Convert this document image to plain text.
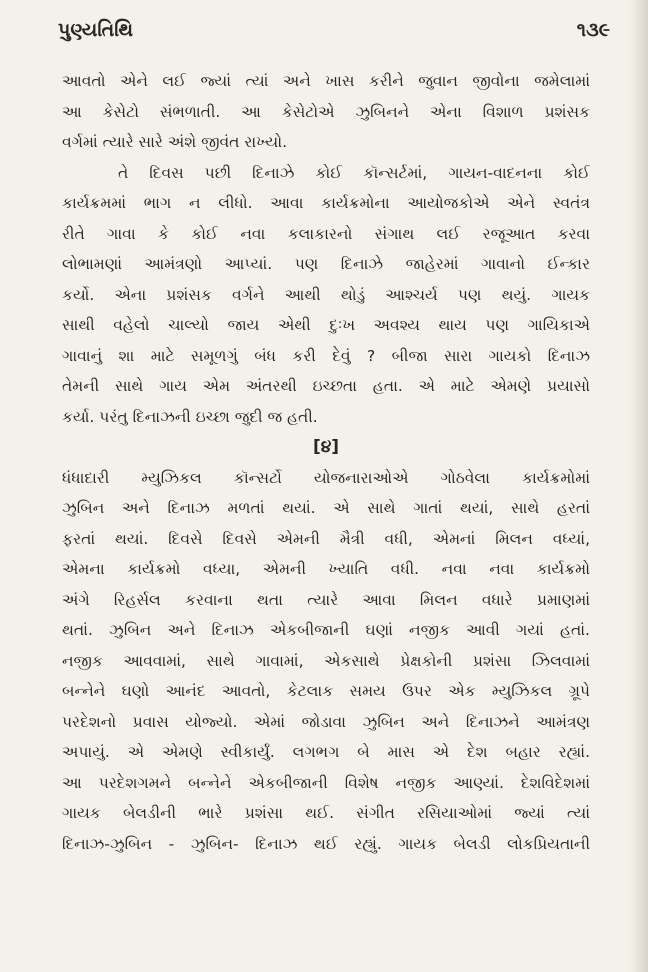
પુણ્યતિથિ	૧૩૯
આવતો એને લઈ જ્યાં ત્યાં અને ખાસ કરીને જુવાન જીવોના જમેલામાં
આ કેસેટો સંભળાતી. આ કેસેટોએ ઝુબિનને એના વિશાળ પ્રશંસક
વર્ગમાં ત્યારે સારે અંશે જીવંત રાખ્યો.
તે દિવસ પછી દિનાઝે કોઈ કૉન્સર્ટમાં, ગાયન-વાદનના કોઈ
કાર્યક્રમમાં ભાગ ન લીધો. આવા કાર્યક્રમોના આયોજકોએ એને સ્વતંત્ર
રીતે ગાવા કે કોઈ નવા કલાકારનો સંગાથ લઈ રજૂઆત કરવા
લોભામણાં આમંત્રણો આપ્યાં. પણ દિનાઝે જાહેરમાં ગાવાનો ઈન્કાર
કર્યો. એના પ્રશંસક વર્ગને આથી થોડું આશ્ચર્ય પણ થયું. ગાયક
સાથી વહેલો ચાલ્યો જાય એથી દુઃખ અવશ્ય થાય પણ ગાયિકાએ
ગાવાનું શા માટે સમૂળગું બંધ કરી દેવું ? બીજા સારા ગાયકો દિનાઝ
તેમની સાથે ગાય એમ અંતરથી ઇચ્છતા હતા. એ માટે એમણે પ્રયાસો
કર્યા. પરંતુ દિનાઝની ઇચ્છા જુદી જ હતી.
[૪]
ધંધાદારી મ્યુઝિકલ કૉન્સર્ટો યોજનારાઓએ ગોઠવેલા કાર્યક્રમોમાં
ઝુબિન અને દિનાઝ મળતાં થયાં. એ સાથે ગાતાં થયાં, સાથે હરતાં
ફરતાં થયાં. દિવસે દિવસે એમની મૈત્રી વધી, એમનાં મિલન વધ્યાં,
એમના કાર્યક્રમો વધ્યા, એમની ખ્યાતિ વધી. નવા નવા કાર્યક્રમો
અંગે રિહર્સલ કરવાના થતા ત્યારે આવા મિલન વધારે પ્રમાણમાં
થતાં. ઝુબિન અને દિનાઝ એકબીજાની ઘણાં નજીક આવી ગયાં હતાં.
નજીક આવવામાં, સાથે ગાવામાં, એકસાથે પ્રેક્ષકોની પ્રશંસા ઝિલવામાં
બન્નેને ઘણો આનંદ આવતો, કેટલાક સમય ઉપર એક મ્યુઝિકલ ગ્રૂપે
પરદેશનો પ્રવાસ યોજ્યો. એમાં જોડાવા ઝુબિન અને દિનાઝને આમંત્રણ
અપાયું. એ એમણે સ્વીકાર્યું. લગભગ બે માસ એ દેશ બહાર રહ્યાં.
આ પરદેશગમને બન્નેને એકબીજાની વિશેષ નજીક આણ્યાં. દેશવિદેશમાં
ગાયક બેલડીની ભારે પ્રશંસા થઈ. સંગીત રસિયાઓમાં જ્યાં ત્યાં
દિનાઝ-ઝુબિન - ઝુબિન- દિનાઝ થઈ રહ્યું. ગાયક બેલડી લોકપ્રિયતાની
